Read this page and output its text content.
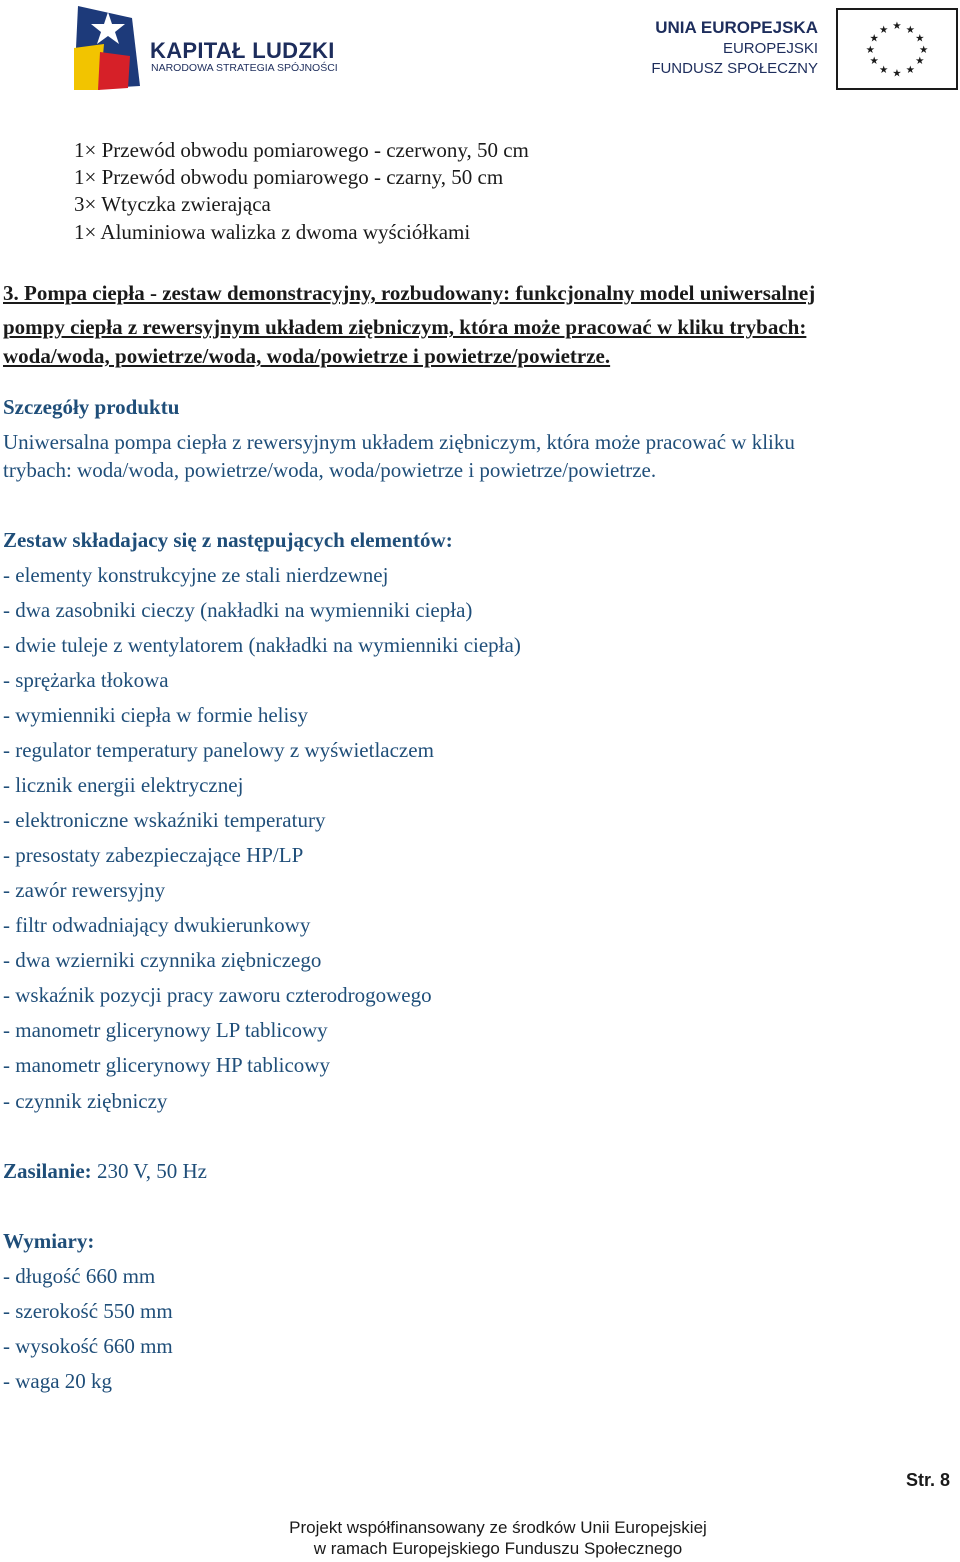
KAPITAŁ LUDZKI
NARODOWA STRATEGIA SPÓJNOŚCI
UNIA EUROPEJSKA
EUROPEJSKI
FUNDUSZ SPOŁECZNY
★ ★
★
★
★
★
★
★
★
★
★
★
1× Przewód obwodu pomiarowego - czerwony, 50 cm
1× Przewód obwodu pomiarowego - czarny, 50 cm
3× Wtyczka zwierająca
1× Aluminiowa walizka z dwoma wyściółkami
3. Pompa ciepła - zestaw demonstracyjny, rozbudowany: funkcjonalny model uniwersalnej
pompy ciepła z rewersyjnym układem ziębniczym, która może pracować w kliku trybach:
woda/woda, powietrze/woda, woda/powietrze i powietrze/powietrze.
Szczegóły produktu
Uniwersalna pompa ciepła z rewersyjnym układem ziębniczym, która może pracować w kliku
trybach: woda/woda, powietrze/woda, woda/powietrze i powietrze/powietrze.
Zestaw składajacy się z następujących elementów:
- elementy konstrukcyjne ze stali nierdzewnej
- dwa zasobniki cieczy (nakładki na wymienniki ciepła)
- dwie tuleje z wentylatorem (nakładki na wymienniki ciepła)
- sprężarka tłokowa
- wymienniki ciepła w formie helisy
- regulator temperatury panelowy z wyświetlaczem
- licznik energii elektrycznej
- elektroniczne wskaźniki temperatury
- presostaty zabezpieczające HP/LP
- zawór rewersyjny
- filtr odwadniający dwukierunkowy
- dwa wzierniki czynnika ziębniczego
- wskaźnik pozycji pracy zaworu czterodrogowego
- manometr glicerynowy LP tablicowy
- manometr glicerynowy HP tablicowy
- czynnik ziębniczy
Zasilanie: 230 V, 50 Hz
Wymiary:
- długość 660 mm
- szerokość 550 mm
- wysokość 660 mm
- waga 20 kg
Str. 8
Projekt współfinansowany ze środków Unii Europejskiej
w ramach Europejskiego Funduszu Społecznego
